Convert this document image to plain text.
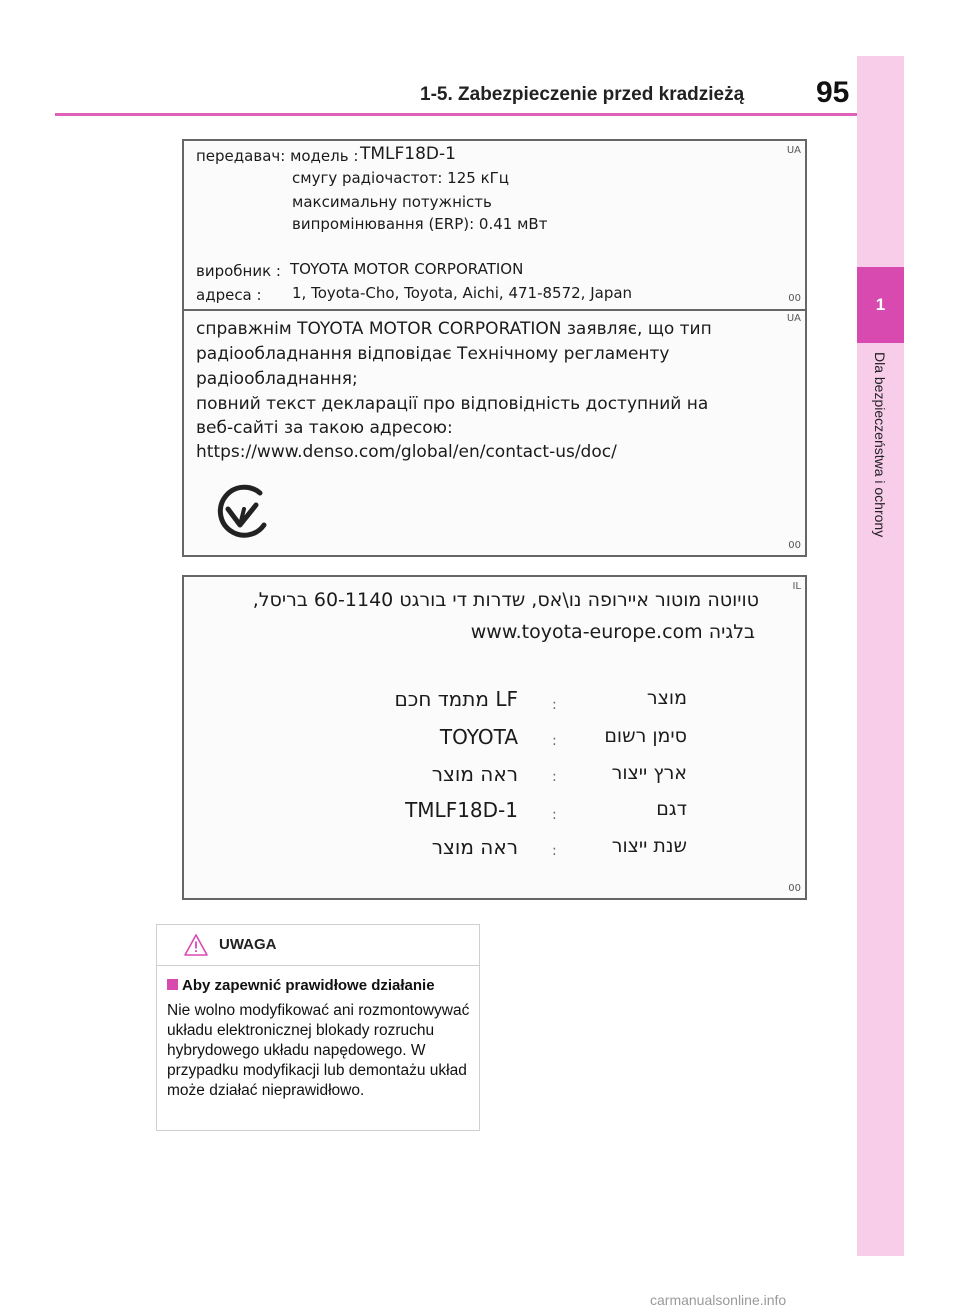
1-5. Zabezpieczenie przed kradzieżą 95
1
Dla bezpieczeństwa i ochrony
UA
передавач: модель : TMLF18D-1
смугу радіочастот: 125 кГц
максимальну потужність
випромінювання (ERP): 0.41 мВт
виробник : TOYOTA MOTOR CORPORATION
адреса : 1, Toyota-Cho, Toyota, Aichi, 471-8572, Japan	00
UA
справжнім TOYOTA MOTOR CORPORATION заявляє, що тип
радіообладнання відповідає Технічному регламенту
радіообладнання;
повний текст декларації про відповідність доступний на
веб-сайті за такою адресою:
https://www.denso.com/global/en/contact-us/doc/
00
IL
טויוטה מוטור איירופה נו\אס, שדרות די בורגט 60-1140 בריסל,
www.toyota-europe.com בלגיה
מוצר
:
LF מתמד חכם
סימן רשום
:
TOYOTA
ארץ ייצור
:
ראה מוצר
דגם
:
TMLF18D-1
שנת ייצור
:
ראה מוצר
00
UWAGA
Aby zapewnić prawidłowe działanie
Nie wolno modyfikować ani rozmontowywać układu elektronicznej blokady rozruchu hybrydowego układu napędowego. W przypadku modyfikacji lub demontażu układ może działać nieprawidłowo.
carmanualsonline.info
